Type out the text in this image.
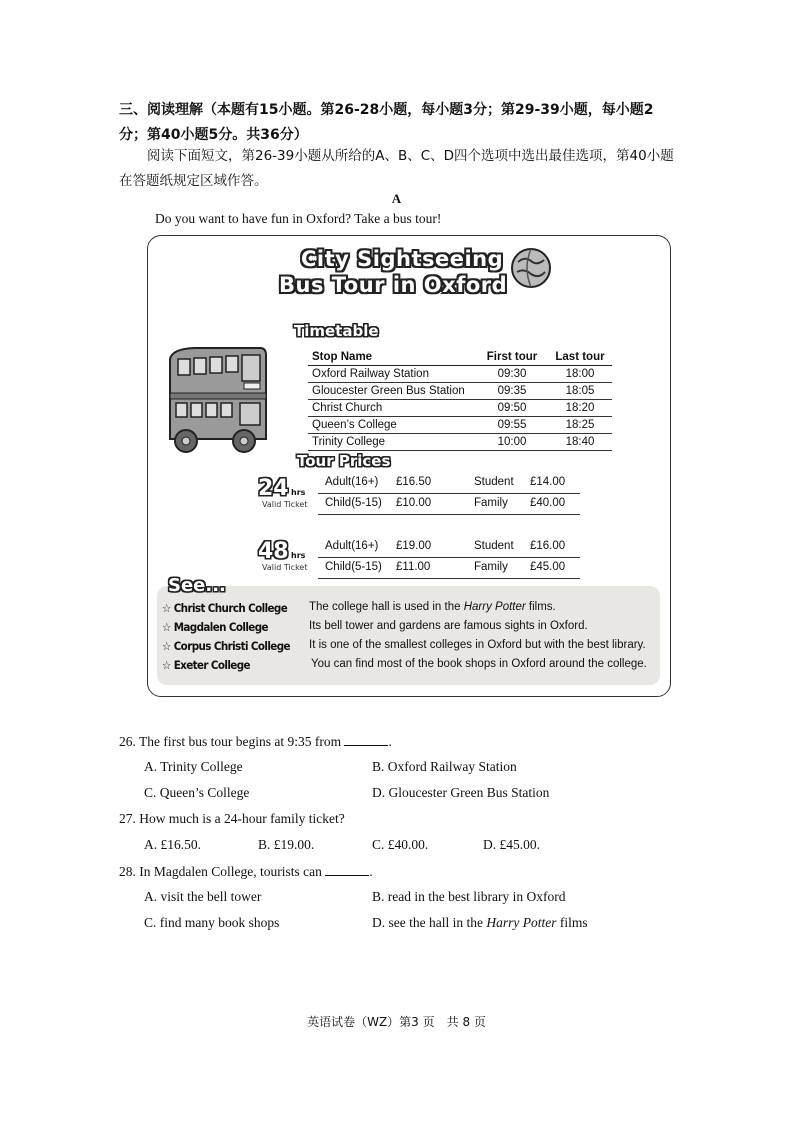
三、阅读理解（本题有15小题。第26-28小题，每小题3分；第29-39小题，每小题2分；第40小题5分。共36分）
阅读下面短文，第26-39小题从所给的A、B、C、D四个选项中选出最佳选项，第40小题在答题纸规定区域作答。
A
Do you want to have fun in Oxford? Take a bus tour!
City Sightseeing
Bus Tour in Oxford
Timetable
Stop Name	First tour	Last tour
Oxford Railway Station	09:30	18:00
Gloucester Green Bus Station	09:35	18:05
Christ Church	09:50	18:20
Queen’s College	09:55	18:25
Trinity College	10:00	18:40
Tour Prices
24 hrs
Valid Ticket
Adult(16+) £16.50	Student £14.00
Child(5-15) £10.00	Family £40.00
48 hrs
Valid Ticket
Adult(16+) £19.00	Student £16.00
Child(5-15) £11.00	Family £45.00
See...
☆ Christ Church College The college hall is used in the Harry Potter films.
☆ Magdalen College	Its bell tower and gardens are famous sights in Oxford.
☆ Corpus Christi College It is one of the smallest colleges in Oxford but with the best library.
☆ Exeter College	You can find most of the book shops in Oxford around the college.
26. The first bus tour begins at 9:35 from	.
A. Trinity College	B. Oxford Railway Station
C. Queen’s College	D. Gloucester Green Bus Station
27. How much is a 24-hour family ticket?
A. £16.50.	B. £19.00.	C. £40.00.	D. £45.00.
28. In Magdalen College, tourists can	.
A. visit the bell tower	B. read in the best library in Oxford
C. find many book shops	D. see the hall in the Harry Potter films
英语试卷（WZ）第3 页　共 8 页
